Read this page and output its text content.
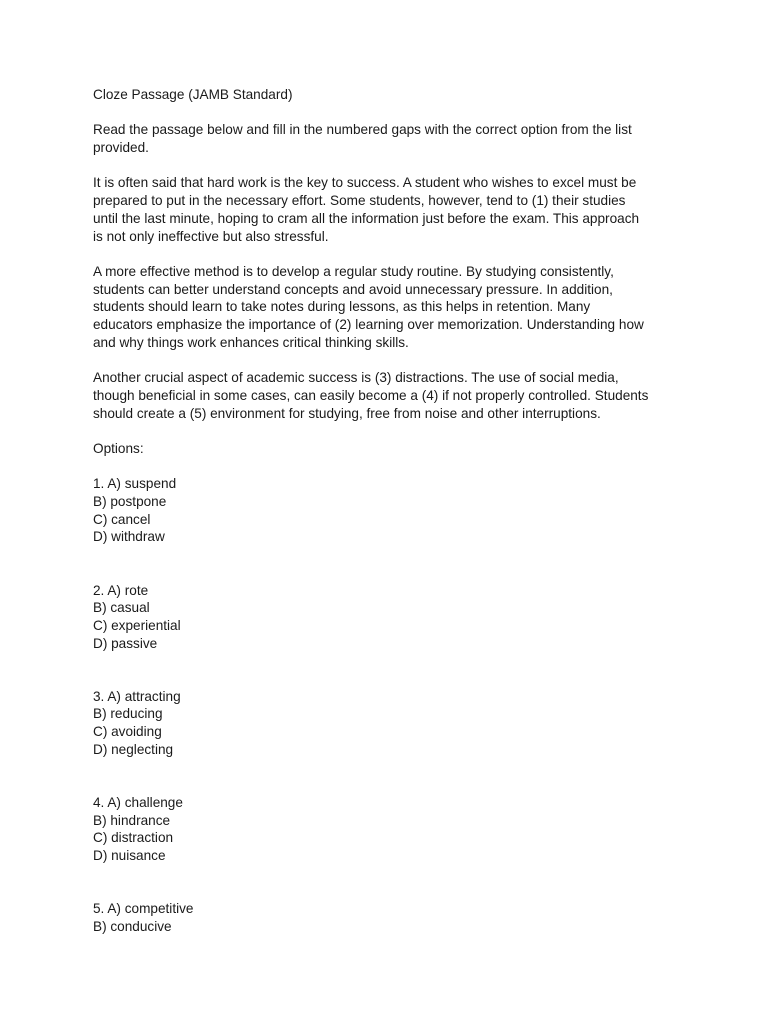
Cloze Passage (JAMB Standard)
Read the passage below and fill in the numbered gaps with the correct option from the list
provided.
It is often said that hard work is the key to success. A student who wishes to excel must be
prepared to put in the necessary effort. Some students, however, tend to (1) their studies
until the last minute, hoping to cram all the information just before the exam. This approach
is not only ineffective but also stressful.
A more effective method is to develop a regular study routine. By studying consistently,
students can better understand concepts and avoid unnecessary pressure. In addition,
students should learn to take notes during lessons, as this helps in retention. Many
educators emphasize the importance of (2) learning over memorization. Understanding how
and why things work enhances critical thinking skills.
Another crucial aspect of academic success is (3) distractions. The use of social media,
though beneficial in some cases, can easily become a (4) if not properly controlled. Students
should create a (5) environment for studying, free from noise and other interruptions.
Options:
1. A) suspend
B) postpone
C) cancel
D) withdraw
2. A) rote
B) casual
C) experiential
D) passive
3. A) attracting
B) reducing
C) avoiding
D) neglecting
4. A) challenge
B) hindrance
C) distraction
D) nuisance
5. A) competitive
B) conducive
